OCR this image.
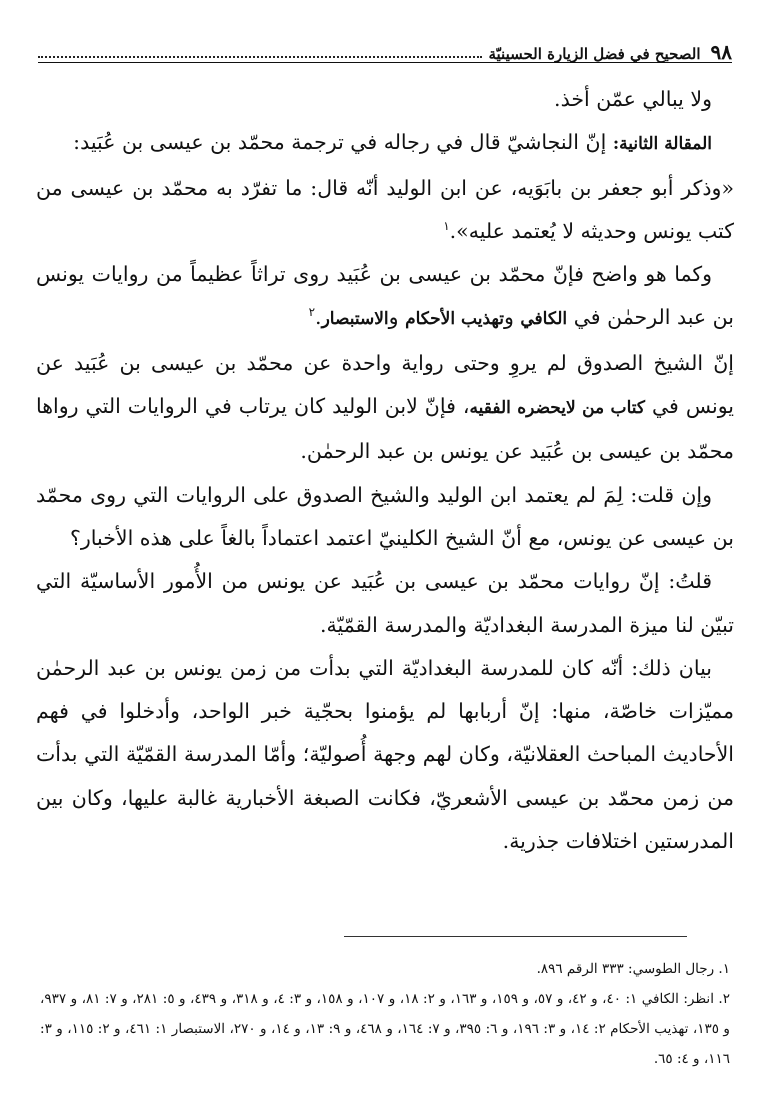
٩٨
الصحيح في فضل الزيارة الحسينيّة

ولا يبالي عمّن أخذ.

المقالة الثانية: إنّ النجاشيّ قال في رجاله في ترجمة محمّد بن عيسى بن عُبَيد:

«وذكر أبو جعفر بن بابَوَيه، عن ابن الوليد أنّه قال: ما تفرّد به محمّد بن عيسى من كتب يونس وحديثه لا يُعتمد عليه».$^١$

وكما هو واضح فإنّ محمّد بن عيسى بن عُبَيد روى تراثاً عظيماً من روايات يونس بن عبد الرحمٰن في الكافي وتهذيب الأحكام والاستبصار.$^٢$

إنّ الشيخ الصدوق لم يروِ وحتى رواية واحدة عن محمّد بن عيسى بن عُبَيد عن يونس في كتاب من لايحضره الفقيه، فإنّ لابن الوليد كان يرتاب في الروايات التي رواها محمّد بن عيسى بن عُبَيد عن يونس بن عبد الرحمٰن.

وإن قلت: لِمَ لم يعتمد ابن الوليد والشيخ الصدوق على الروايات التي روى محمّد بن عيسى عن يونس، مع أنّ الشيخ الكلينيّ اعتمد اعتماداً بالغاً على هذه الأخبار؟

قلتُ: إنّ روايات محمّد بن عيسى بن عُبَيد عن يونس من الأُمور الأساسيّة التي تبيّن لنا ميزة المدرسة البغداديّة والمدرسة القمّيّة.

بيان ذلك: أنّه كان للمدرسة البغداديّة التي بدأت من زمن يونس بن عبد الرحمٰن مميّزات خاصّة، منها: إنّ أربابها لم يؤمنوا بحجّية خبر الواحد، وأدخلوا في فهم الأحاديث المباحث العقلانيّة، وكان لهم وجهة أُصوليّة؛ وأمّا المدرسة القمّيّة التي بدأت من زمن محمّد بن عيسى الأشعريّ، فكانت الصبغة الأخبارية غالبة عليها، وكان بين المدرستين اختلافات جذرية.

١. رجال الطوسي: ٣٣٣ الرقم ٨٩٦.
٢. انظر: الكافي ١: ٤٠، و ٤٢، و ٥٧، و ١٥٩، و ١٦٣، و ٢: ١٨، و ١٠٧، و ١٥٨، و ٣: ٤، و ٣١٨، و ٤٣٩، و ٥: ٢٨١، و ٧: ٨١، و ٩٣٧، و ١٣٥، تهذيب الأحكام ٢: ١٤، و ٣: ١٩٦، و ٦: ٣٩٥، و ٧: ١٦٤، و ٤٦٨، و ٩: ١٣، و ١٤، و ٢٧٠، الاستبصار ١: ٤٦١، و ٢: ١١٥، و ٣: ١١٦، و ٤: ٦٥.
